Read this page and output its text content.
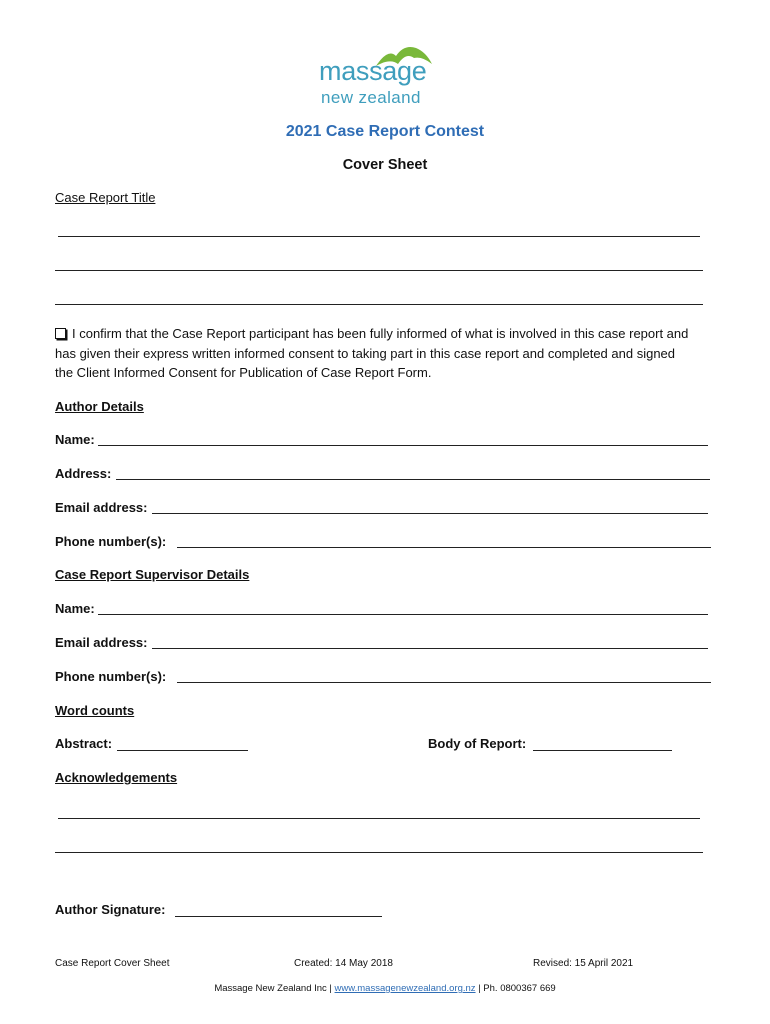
massage
new zealand
2021 Case Report Contest
Cover Sheet
Case Report Title
I confirm that the Case Report participant has been fully informed of what is involved in this case report and has given their express written informed consent to taking part in this case report and completed and signed the Client Informed Consent for Publication of Case Report Form.
Author Details
Name:
Address:
Email address:
Phone number(s):
Case Report Supervisor Details
Name:
Email address:
Phone number(s):
Word counts
Abstract:	Body of Report:
Acknowledgements
Author Signature:
Case Report Cover Sheet	Created: 14 May 2018	Revised: 15 April 2021
Massage New Zealand Inc | www.massagenewzealand.org.nz | Ph. 0800367 669
